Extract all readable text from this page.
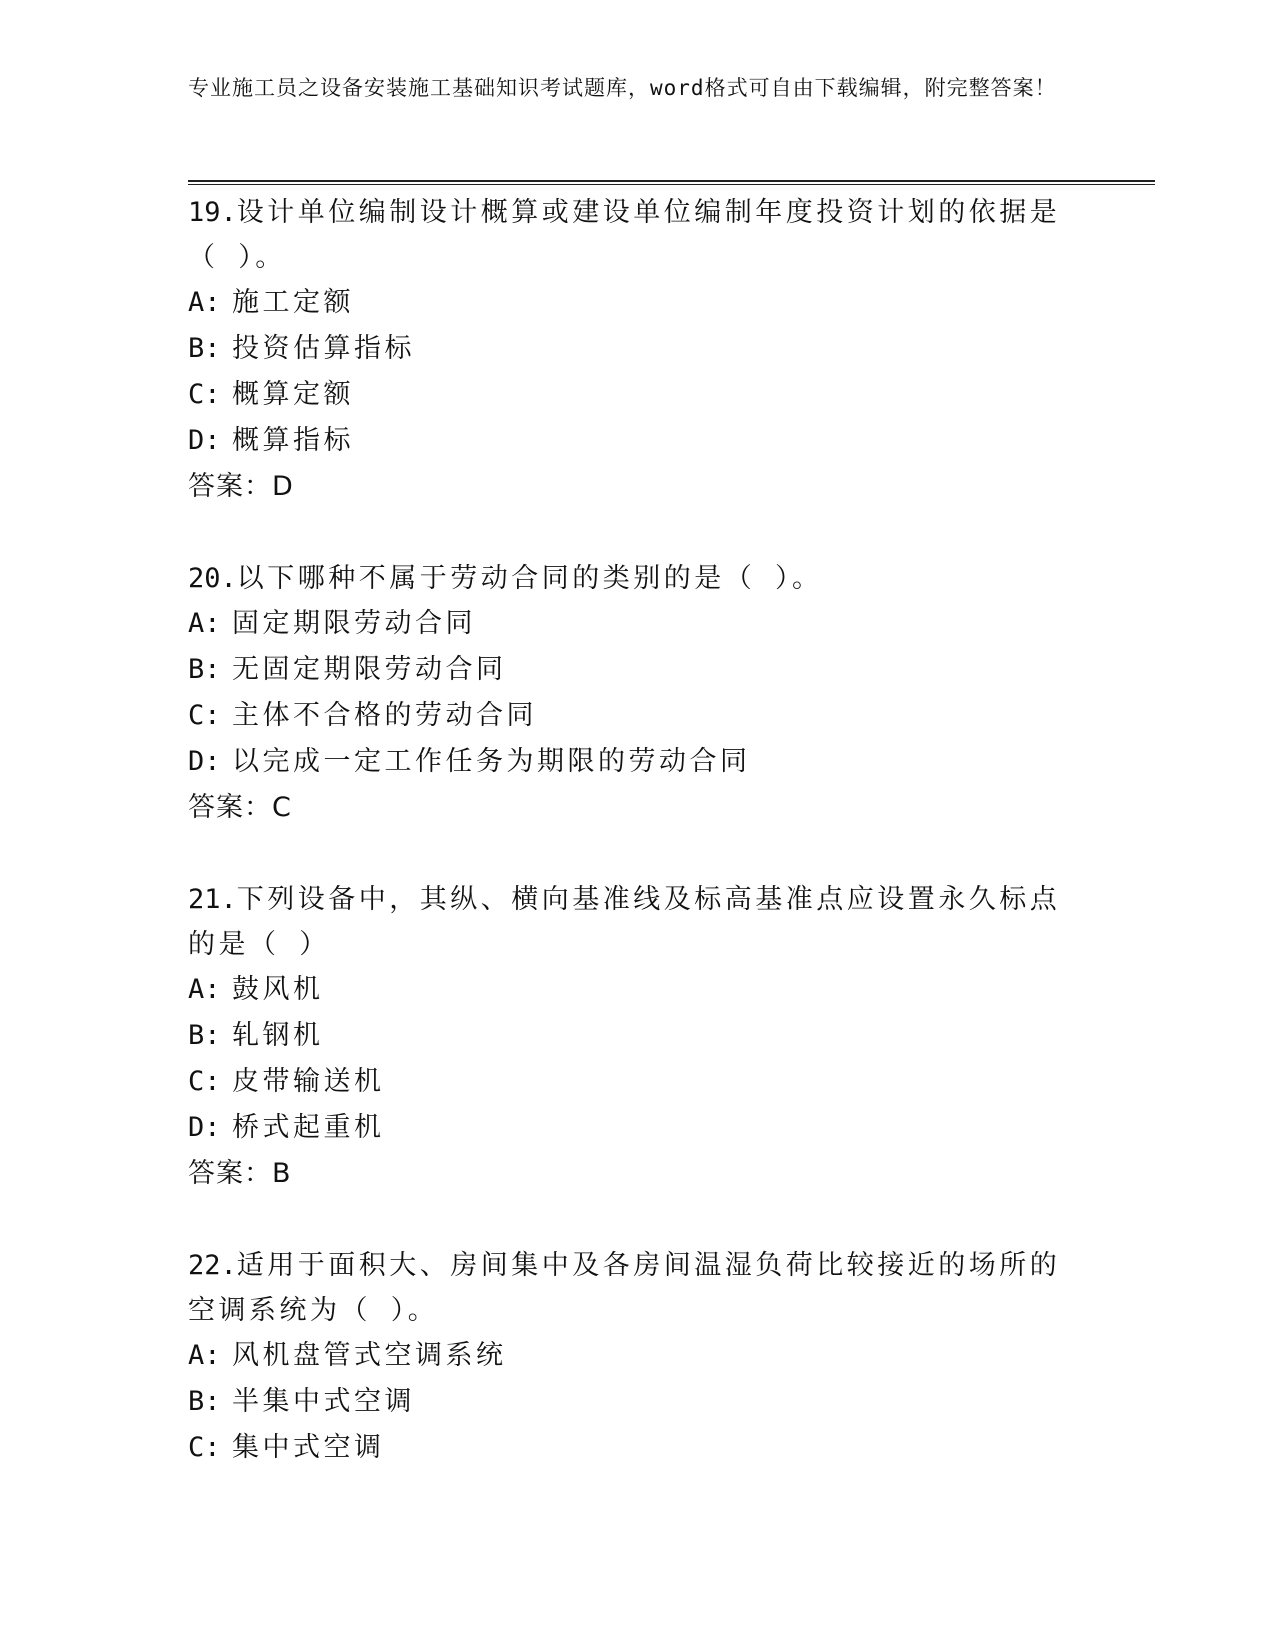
专业施工员之设备安装施工基础知识考试题库，word格式可自由下载编辑，附完整答案！
19.设计单位编制设计概算或建设单位编制年度投资计划的依据是（ ）。
A: 施工定额
B: 投资估算指标
C: 概算定额
D: 概算指标
答案：D
20.以下哪种不属于劳动合同的类别的是（ ）。
A: 固定期限劳动合同
B: 无固定期限劳动合同
C: 主体不合格的劳动合同
D: 以完成一定工作任务为期限的劳动合同
答案：C
21.下列设备中，其纵、横向基准线及标高基准点应设置永久标点的是（ ）
A: 鼓风机
B: 轧钢机
C: 皮带输送机
D: 桥式起重机
答案：B
22.适用于面积大、房间集中及各房间温湿负荷比较接近的场所的空调系统为（ ）。
A: 风机盘管式空调系统
B: 半集中式空调
C: 集中式空调
